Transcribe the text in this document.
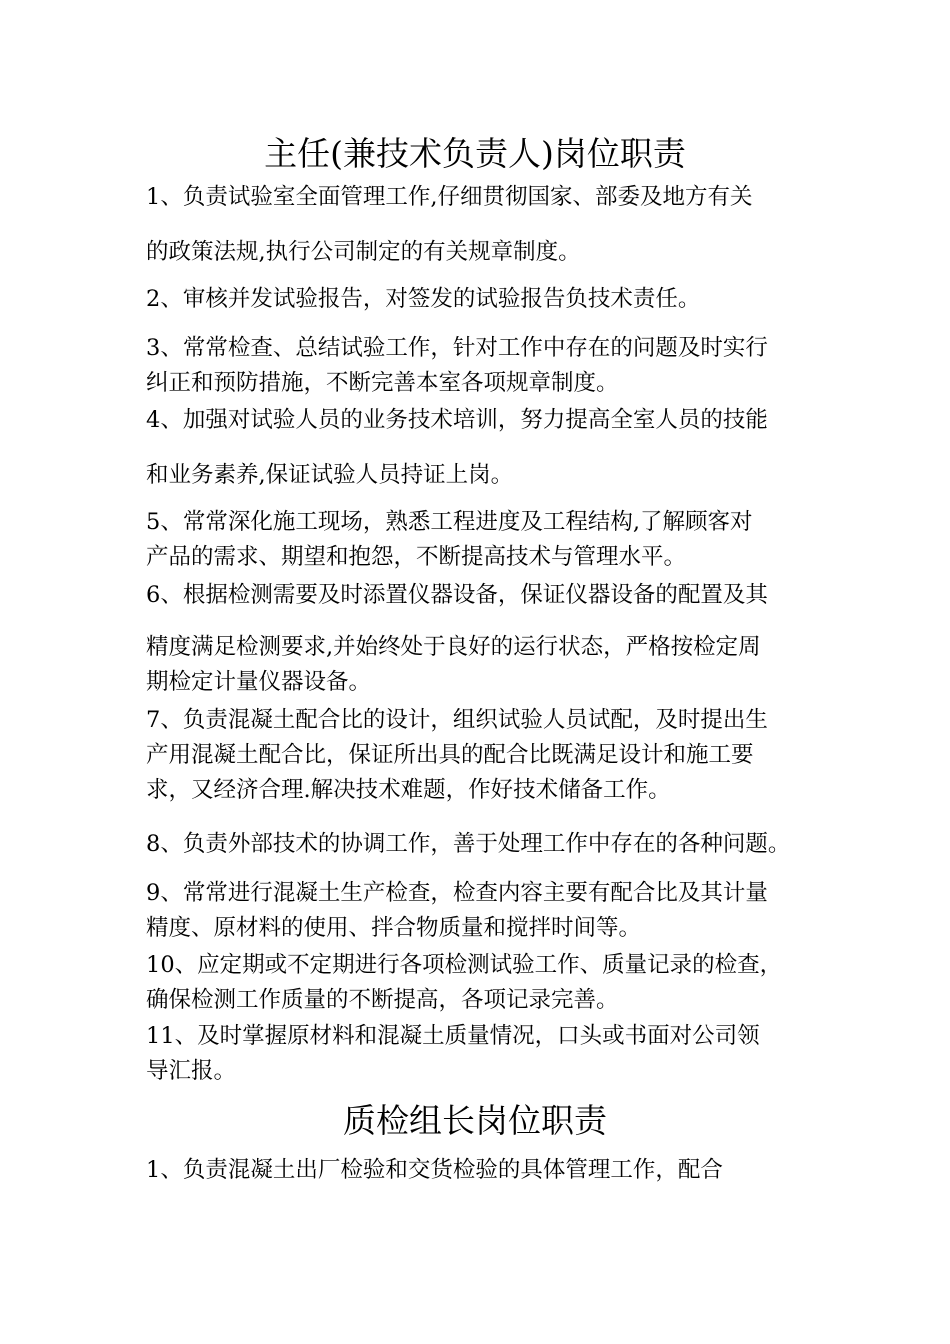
主任(兼技术负责人)岗位职责

1、负责试验室全面管理工作,仔细贯彻国家、部委及地方有关
的政策法规,执行公司制定的有关规章制度。

2、审核并发试验报告，对签发的试验报告负技术责任。

3、常常检查、总结试验工作，针对工作中存在的问题及时实行
纠正和预防措施，不断完善本室各项规章制度。

4、加强对试验人员的业务技术培训，努力提高全室人员的技能
和业务素养,保证试验人员持证上岗。

5、常常深化施工现场，熟悉工程进度及工程结构,了解顾客对
产品的需求、期望和抱怨，不断提高技术与管理水平。

6、根据检测需要及时添置仪器设备，保证仪器设备的配置及其
精度满足检测要求,并始终处于良好的运行状态，严格按检定周
期检定计量仪器设备。

7、负责混凝土配合比的设计，组织试验人员试配，及时提出生
产用混凝土配合比，保证所出具的配合比既满足设计和施工要
求，又经济合理.解决技术难题，作好技术储备工作。

8、负责外部技术的协调工作，善于处理工作中存在的各种问题。

9、常常进行混凝土生产检查，检查内容主要有配合比及其计量
精度、原材料的使用、拌合物质量和搅拌时间等。

10、应定期或不定期进行各项检测试验工作、质量记录的检查，
确保检测工作质量的不断提高，各项记录完善。

11、及时掌握原材料和混凝土质量情况，口头或书面对公司领
导汇报。

质检组长岗位职责

1、负责混凝土出厂检验和交货检验的具体管理工作，配合
